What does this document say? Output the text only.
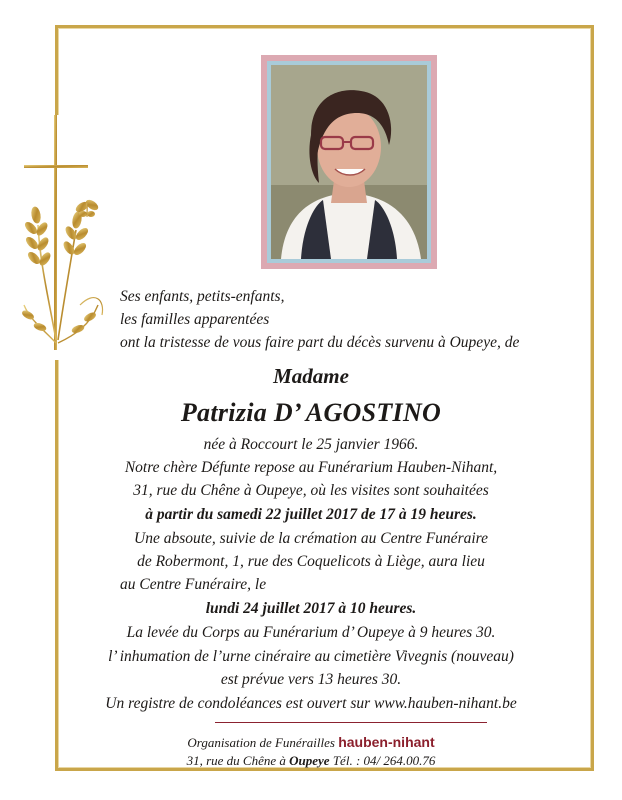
Ses enfants, petits-enfants,
les familles apparentées
ont la tristesse de vous faire part du décès survenu à Oupeye, de
Madame
Patrizia D’ AGOSTINO
née à Roccourt le 25 janvier 1966.
Notre chère Défunte repose au Funérarium Hauben-Nihant,
31, rue du Chêne à Oupeye, où les visites sont souhaitées
à partir du samedi 22 juillet 2017 de 17 à 19 heures.
Une absoute, suivie de la crémation au Centre Funéraire
de Robermont, 1, rue des Coquelicots à Liège, aura lieu
au Centre Funéraire, le
lundi 24 juillet 2017 à 10 heures.
La levée du Corps au Funérarium d’ Oupeye à 9 heures 30.
l’ inhumation de l’urne cinéraire au cimetière Vivegnis (nouveau)
est prévue vers 13 heures 30.
Un registre de condoléances est ouvert sur www.hauben-nihant.be
Organisation de Funérailles hauben-nihant
31, rue du Chêne à Oupeye Tél. : 04/ 264.00.76
